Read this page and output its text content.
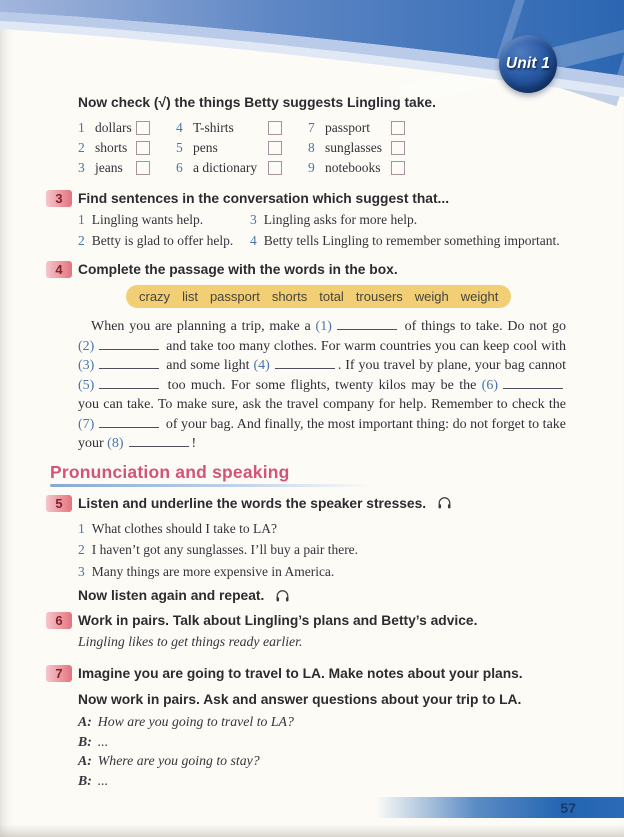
Unit 1
Now check (√) the things Betty suggests Lingling take.
1 dollars
2 shorts
3 jeans
4 T-shirts
5 pens
6 a dictionary
7 passport
8 sunglasses
9 notebooks
3	Find sentences in the conversation which suggest that...
1 Lingling wants help.
2 Betty is glad to offer help.
3 Lingling asks for more help.
4 Betty tells Lingling to remember something important.
4	Complete the passage with the words in the box.
crazy list passport shorts total trousers weigh weight
When you are planning a trip, make a (1)	of things to take. Do not go (2)	and take too many clothes. For warm countries you can keep cool with (3)	and some light (4)	. If you travel by plane, your bag cannot (5)	too much. For some flights, twenty kilos may be the (6) you can take. To make sure, ask the travel company for help. Remember to check the (7)	of your bag. And finally, the most important thing: do not forget to take your (8)	!
Pronunciation and speaking
5	Listen and underline the words the speaker stresses.
1 What clothes should I take to LA?
2 I haven’t got any sunglasses. I’ll buy a pair there.
3 Many things are more expensive in America.
Now listen again and repeat.
6	Work in pairs. Talk about Lingling’s plans and Betty’s advice.
Lingling likes to get things ready earlier.
7	Imagine you are going to travel to LA. Make notes about your plans.
Now work in pairs. Ask and answer questions about your trip to LA.
A: How are you going to travel to LA?
B: ...
A: Where are you going to stay?
B: ...
57
